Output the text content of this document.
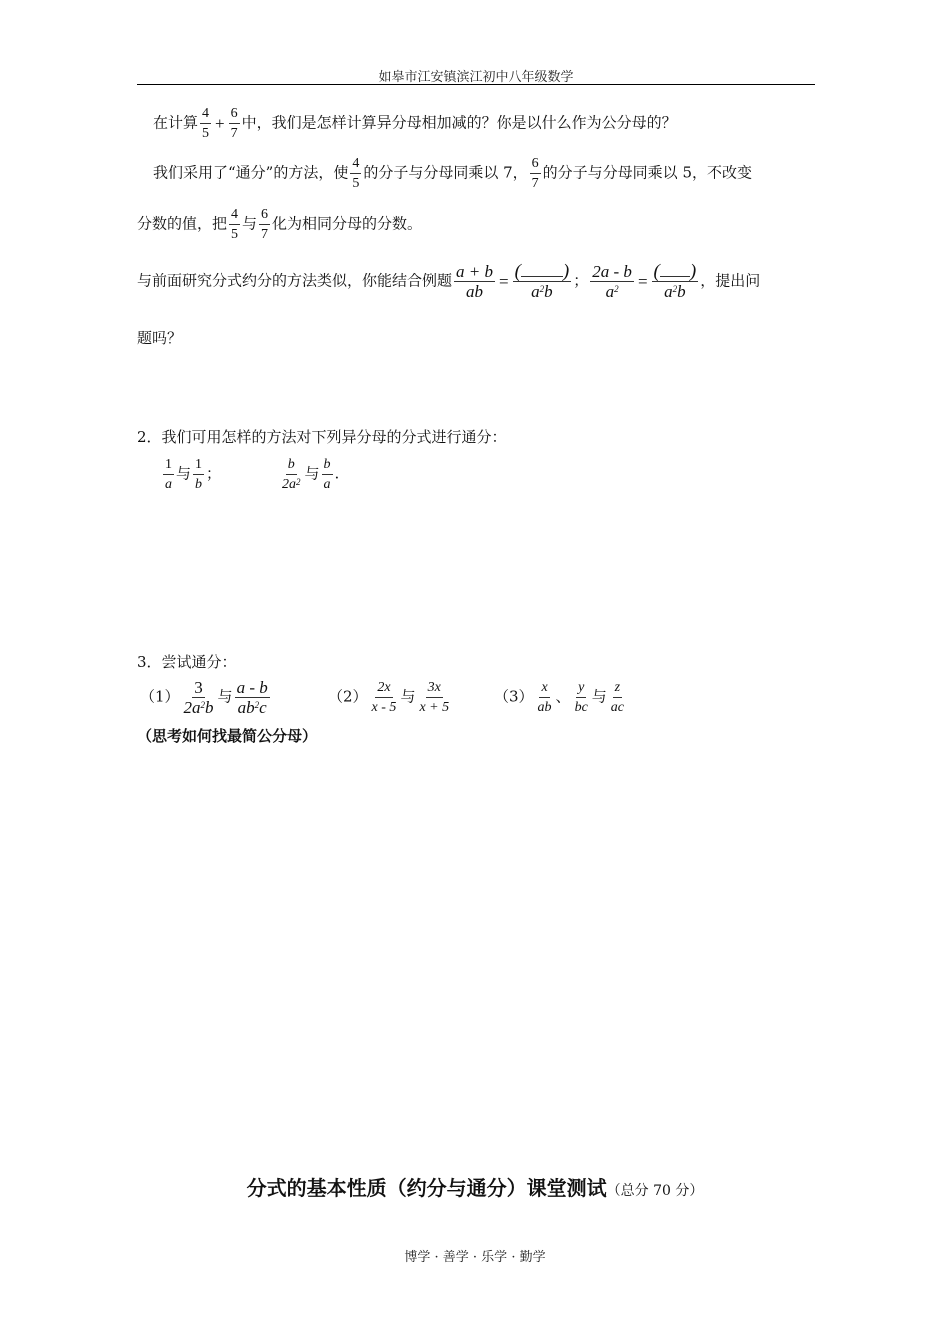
如皋市江安镇滨江初中八年级数学
在计算 $\frac{4}{5} + \frac{6}{7}$ 中，我们是怎样计算异分母相加减的？你是以什么作为公分母的？
我们采用了“通分”的方法，使 $\frac{4}{5}$ 的分子与分母同乘以 7， $\frac{6}{7}$ 的分子与分母同乘以 5，不改变
分数的值，把 $\frac{4}{5}$ 与 $\frac{6}{7}$ 化为相同分母的分数。
与前面研究分式约分的方法类似，你能结合例题 $\frac{a + b}{ab} = \frac{( )}{a^2b}$ ； $\frac{2a - b}{a^2} = \frac{( )}{a^2b}$ ，提出问
题吗？
2．我们可用怎样的方法对下列异分母的分式进行通分：
$\frac{1}{a}$ 与 $\frac{1}{b}$ ；	$\frac{b}{2a^2}$ 与 $\frac{b}{a}$ .
3．尝试通分：
$(1) \frac{3}{2a^2b}$ 与 $\frac{a - b}{ab^2c}$	$(2) \frac{2x}{x - 5}$ 与 $\frac{3x}{x + 5}$	$(3) \frac{x}{ab}$ 、 $\frac{y}{bc}$ 与 $\frac{z}{ac}$
（思考如何找最简公分母）
分式的基本性质（约分与通分）课堂测试（总分 70 分）
博学 · 善学 · 乐学 · 勤学
